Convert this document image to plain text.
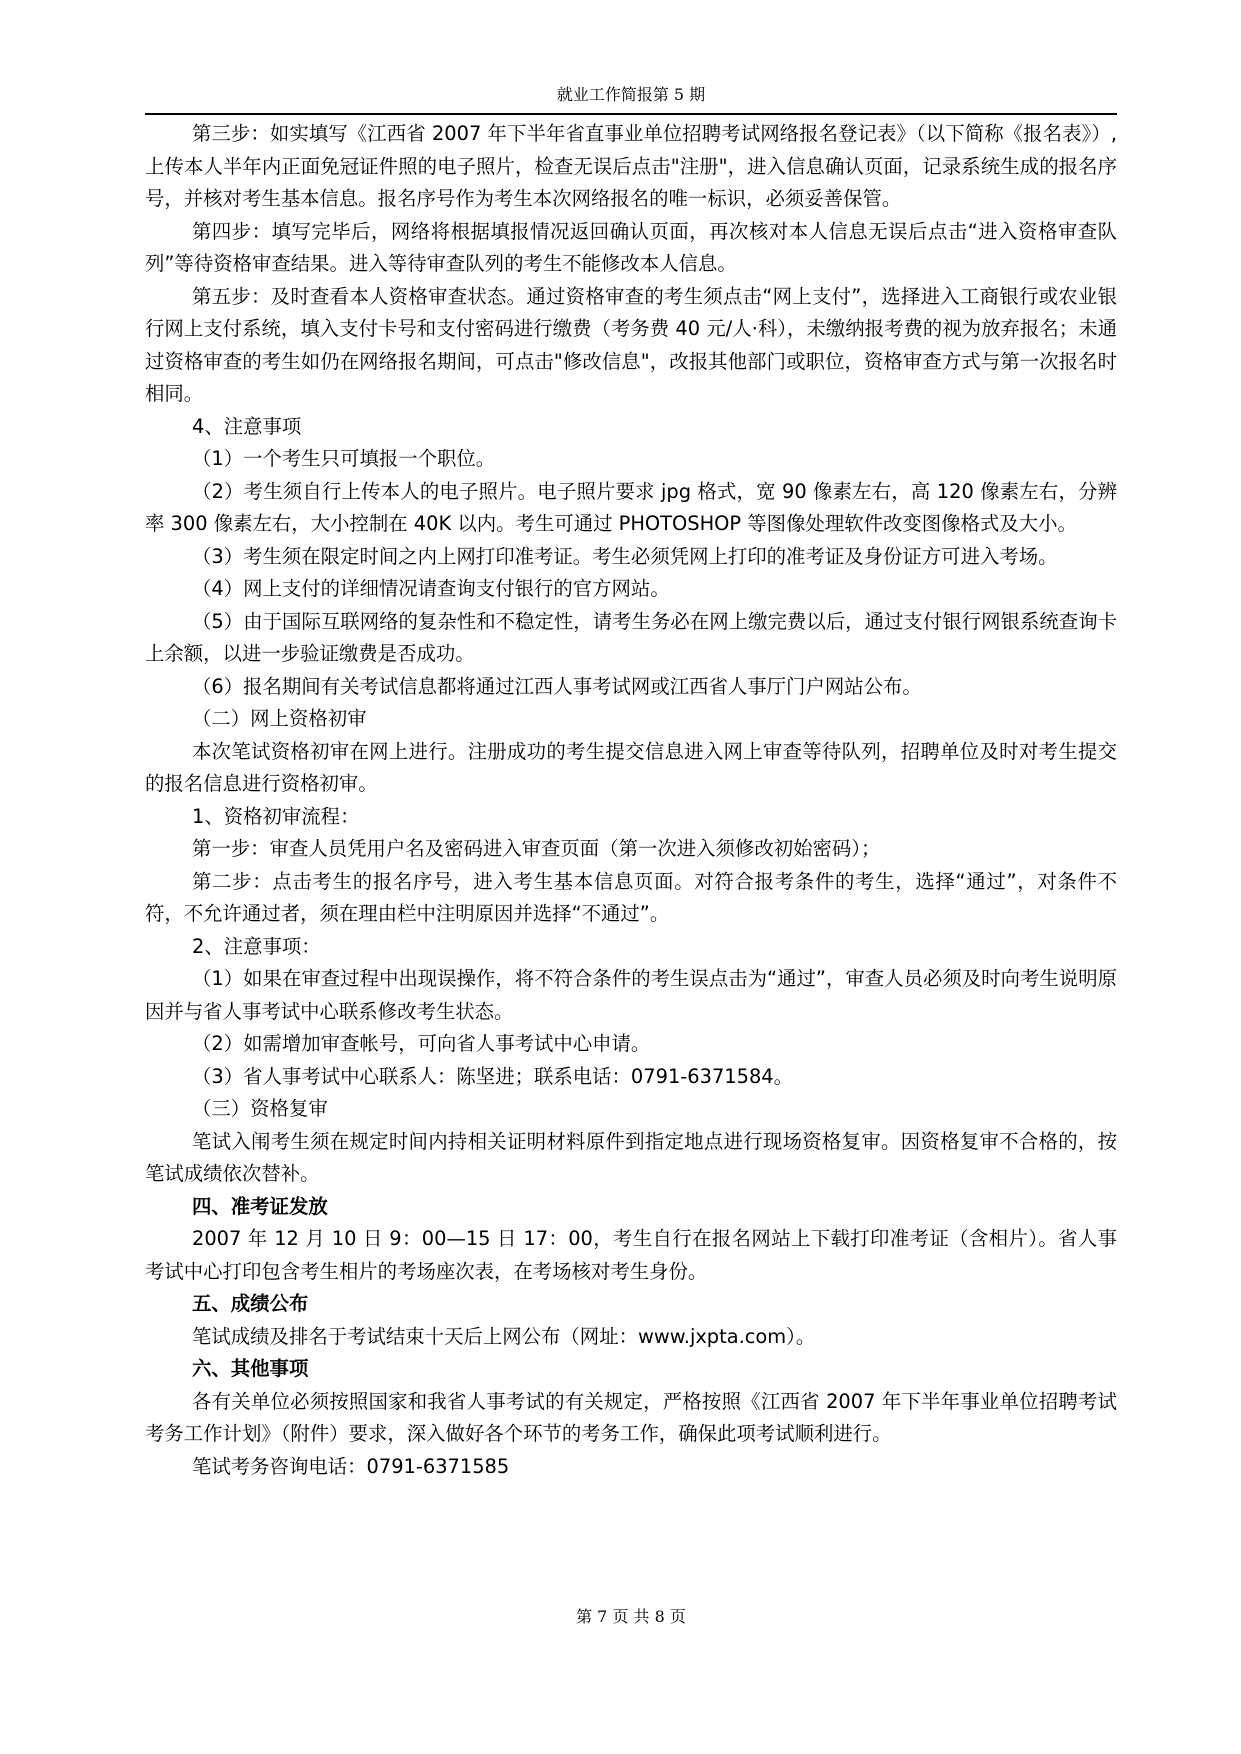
就业工作简报第 5 期
第三步：如实填写《江西省 2007 年下半年省直事业单位招聘考试网络报名登记表》（以下简称《报名表》）,上传本人半年内正面免冠证件照的电子照片，检查无误后点击"注册"，进入信息确认页面，记录系统生成的报名序号，并核对考生基本信息。报名序号作为考生本次网络报名的唯一标识，必须妥善保管。
第四步：填写完毕后，网络将根据填报情况返回确认页面，再次核对本人信息无误后点击“进入资格审查队列”等待资格审查结果。进入等待审查队列的考生不能修改本人信息。
第五步：及时查看本人资格审查状态。通过资格审查的考生须点击“网上支付”，选择进入工商银行或农业银行网上支付系统，填入支付卡号和支付密码进行缴费（考务费 40 元/人·科），未缴纳报考费的视为放弃报名；未通过资格审查的考生如仍在网络报名期间，可点击"修改信息"，改报其他部门或职位，资格审查方式与第一次报名时相同。
4、注意事项
（1）一个考生只可填报一个职位。
（2）考生须自行上传本人的电子照片。电子照片要求 jpg 格式，宽 90 像素左右，高 120 像素左右，分辨率 300 像素左右，大小控制在 40K 以内。考生可通过 PHOTOSHOP 等图像处理软件改变图像格式及大小。
（3）考生须在限定时间之内上网打印准考证。考生必须凭网上打印的准考证及身份证方可进入考场。
（4）网上支付的详细情况请查询支付银行的官方网站。
（5）由于国际互联网络的复杂性和不稳定性，请考生务必在网上缴完费以后，通过支付银行网银系统查询卡上余额，以进一步验证缴费是否成功。
（6）报名期间有关考试信息都将通过江西人事考试网或江西省人事厅门户网站公布。
（二）网上资格初审
本次笔试资格初审在网上进行。注册成功的考生提交信息进入网上审查等待队列，招聘单位及时对考生提交的报名信息进行资格初审。
1、资格初审流程：
第一步：审查人员凭用户名及密码进入审查页面（第一次进入须修改初始密码）；
第二步：点击考生的报名序号，进入考生基本信息页面。对符合报考条件的考生，选择“通过”，对条件不符，不允许通过者，须在理由栏中注明原因并选择“不通过”。
2、注意事项：
（1）如果在审查过程中出现误操作，将不符合条件的考生误点击为“通过”，审查人员必须及时向考生说明原因并与省人事考试中心联系修改考生状态。
（2）如需增加审查帐号，可向省人事考试中心申请。
（3）省人事考试中心联系人：陈坚进；联系电话：0791-6371584。
（三）资格复审
笔试入闱考生须在规定时间内持相关证明材料原件到指定地点进行现场资格复审。因资格复审不合格的，按笔试成绩依次替补。
四、准考证发放
2007 年 12 月 10 日 9：00—15 日 17：00，考生自行在报名网站上下载打印准考证（含相片）。省人事考试中心打印包含考生相片的考场座次表，在考场核对考生身份。
五、成绩公布
笔试成绩及排名于考试结束十天后上网公布（网址：www.jxpta.com）。
六、其他事项
各有关单位必须按照国家和我省人事考试的有关规定，严格按照《江西省 2007 年下半年事业单位招聘考试考务工作计划》（附件）要求，深入做好各个环节的考务工作，确保此项考试顺利进行。
笔试考务咨询电话：0791-6371585
第 7 页 共 8 页
